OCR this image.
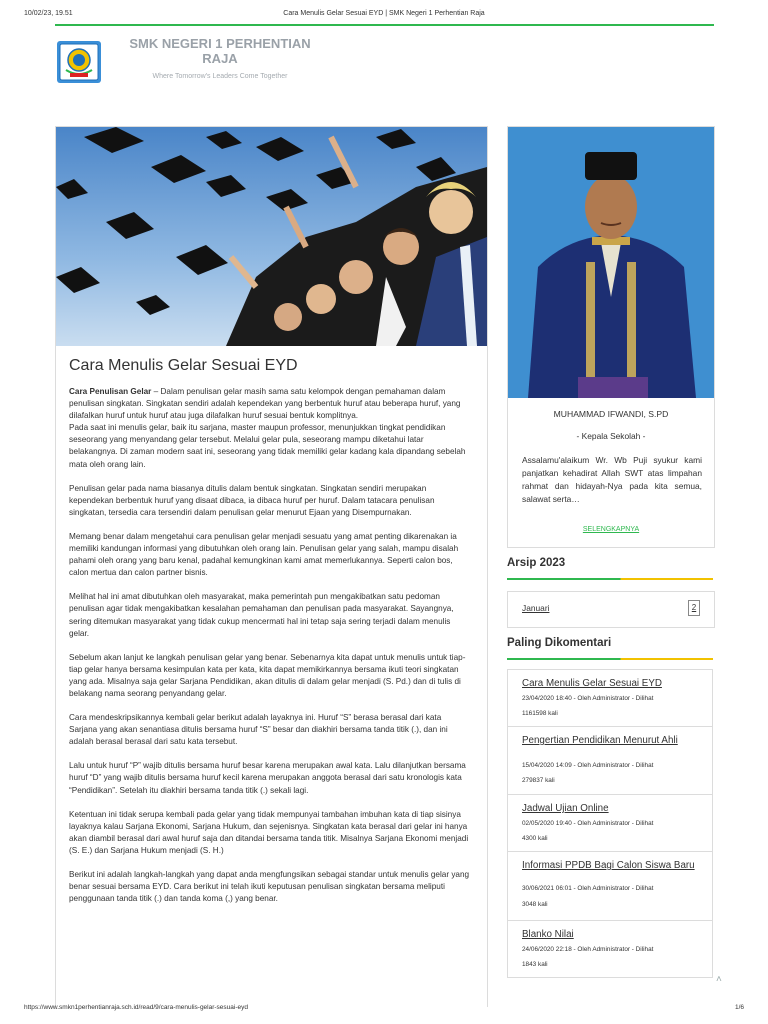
10/02/23, 19.51	Cara Menulis Gelar Sesuai EYD | SMK Negeri 1 Perhentian Raja
SMK NEGERI 1 PERHENTIAN RAJA
Where Tomorrow's Leaders Come Together
Cara Menulis Gelar Sesuai EYD

Cara Penulisan Gelar – Dalam penulisan gelar masih sama satu kelompok dengan pemahaman dalam penulisan singkatan. Singkatan sendiri adalah kependekan yang berbentuk huruf atau beberapa huruf, yang dilafalkan huruf untuk huruf atau juga dilafalkan huruf sesuai bentuk komplitnya.
Pada saat ini menulis gelar, baik itu sarjana, master maupun professor, menunjukkan tingkat pendidikan seseorang yang menyandang gelar tersebut. Melalui gelar pula, seseorang mampu diketahui latar belakangnya. Di zaman modern saat ini, seseorang yang tidak memiliki gelar kadang kala dipandang sebelah mata oleh orang lain.

Penulisan gelar pada nama biasanya ditulis dalam bentuk singkatan. Singkatan sendiri merupakan kependekan berbentuk huruf yang disaat dibaca, ia dibaca huruf per huruf. Dalam tatacara penulisan singkatan, tersedia cara tersendiri dalam penulisan gelar menurut Ejaan yang Disempurnakan.

Memang benar dalam mengetahui cara penulisan gelar menjadi sesuatu yang amat penting dikarenakan ia memiliki kandungan informasi yang dibutuhkan oleh orang lain. Penulisan gelar yang salah, mampu disalah pahami oleh orang yang baru kenal, padahal kemungkinan kami amat memerlukannya. Seperti calon bos, calon mertua dan calon partner bisnis.

Melihat hal ini amat dibutuhkan oleh masyarakat, maka pemerintah pun mengakibatkan satu pedoman penulisan agar tidak mengakibatkan kesalahan pemahaman dan penulisan pada masyarakat. Sayangnya, sering ditemukan masyarakat yang tidak cukup mencermati hal ini tetap saja sering terjadi dalam menulis gelar.

Sebelum akan lanjut ke langkah penulisan gelar yang benar. Sebenarnya kita dapat untuk menulis untuk tiap-tiap gelar hanya bersama kesimpulan kata per kata, kita dapat memikirkannya bersama ikuti teori singkatan yang ada. Misalnya saja gelar Sarjana Pendidikan, akan ditulis di dalam gelar menjadi (S. Pd.) dan di tulis di belakang nama seorang penyandang gelar.

Cara mendeskripsikannya kembali gelar berikut adalah layaknya ini. Huruf “S” berasa berasal dari kata Sarjana yang akan senantiasa ditulis bersama huruf “S” besar dan diakhiri bersama tanda titik (.), dan ini adalah berasal berasal dari satu kata tersebut.

Lalu untuk huruf “P” wajib ditulis bersama huruf besar karena merupakan awal kata. Lalu dilanjutkan bersama huruf “D” yang wajib ditulis bersama huruf kecil karena merupakan anggota berasal dari satu kronologis kata “Pendidikan”. Setelah itu diakhiri bersama tanda titik (.) sekali lagi.

Ketentuan ini tidak serupa kembali pada gelar yang tidak mempunyai tambahan imbuhan kata di tiap sisinya layaknya kalau Sarjana Ekonomi, Sarjana Hukum, dan sejenisnya. Singkatan kata berasal dari gelar ini hanya akan diambil berasal dari awal huruf saja dan ditandai bersama tanda titik. Misalnya Sarjana Ekonomi menjadi (S. E.) dan Sarjana Hukum menjadi (S. H.)

Berikut ini adalah langkah-langkah yang dapat anda mengfungsikan sebagai standar untuk menulis gelar yang benar sesuai bersama EYD. Cara berikut ini telah ikuti keputusan penulisan singkatan bersama meliputi penggunaan tanda titik (.) dan tanda koma (,) yang benar.

MUHAMMAD IFWANDI, S.PD
- Kepala Sekolah -
Assalamu'alaikum Wr. Wb Puji syukur kami panjatkan kehadirat Allah SWT atas limpahan rahmat dan hidayah-Nya pada kita semua, salawat serta…
SELENGKAPNYA
Arsip 2023
Januari	2
Paling Dikomentari
Cara Menulis Gelar Sesuai EYD
23/04/2020 18:40 - Oleh Administrator - Dilihat
1161598 kali
Pengertian Pendidikan Menurut Ahli
15/04/2020 14:09 - Oleh Administrator - Dilihat
279837 kali
Jadwal Ujian Online
02/05/2020 19:40 - Oleh Administrator - Dilihat
4300 kali
Informasi PPDB Bagi Calon Siswa Baru
30/06/2021 06:01 - Oleh Administrator - Dilihat
3048 kali
Blanko Nilai
24/06/2020 22:18 - Oleh Administrator - Dilihat
1843 kali
˄
https://www.smkn1perhentianraja.sch.id/read/9/cara-menulis-gelar-sesuai-eyd	1/6
